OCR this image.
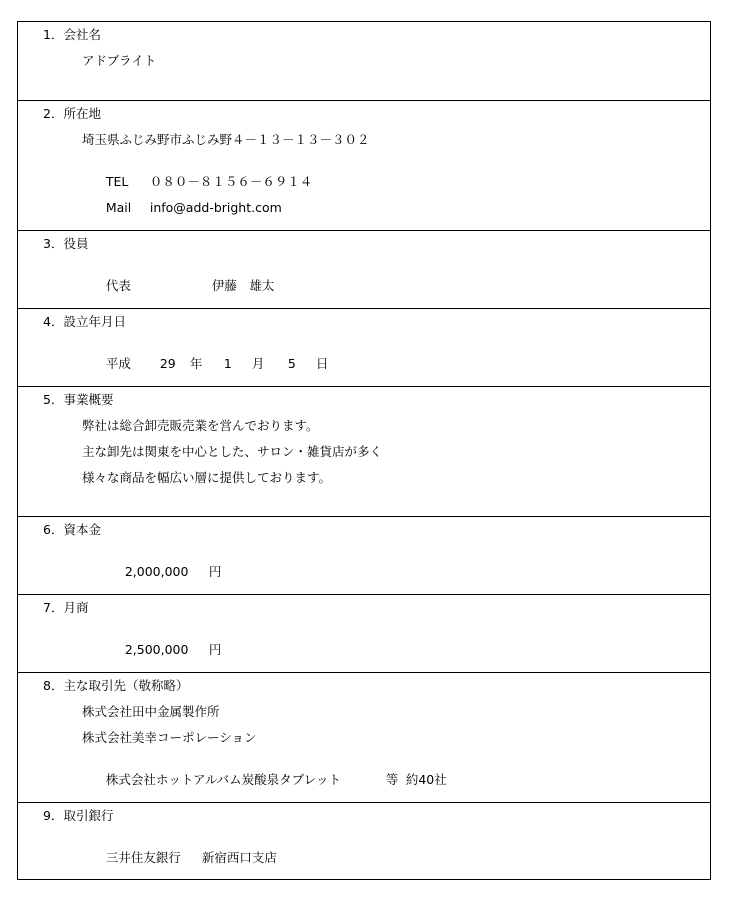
1．会社名
アドブライト
2．所在地
埼玉県ふじみ野市ふじみ野４－１３－１３－３０２

TEL ０８０－８１５６－６９１４

Mail info@add-bright.com

3．役員

代表	伊藤　雄太

4．設立年月日

平成 29 年 1 月 5 日

5．事業概要
弊社は総合卸売販売業を営んでおります。
主な卸先は関東を中心とした、サロン・雑貨店が多く
様々な商品を幅広い層に提供しております。
6．資本金

2,000,000 円

7．月商

2,500,000 円

8．主な取引先（敬称略）
株式会社田中金属製作所
株式会社美幸コーポレーション

株式会社ホットアルバム炭酸泉タブレット	等 約40社

9．取引銀行

三井住友銀行 新宿西口支店
